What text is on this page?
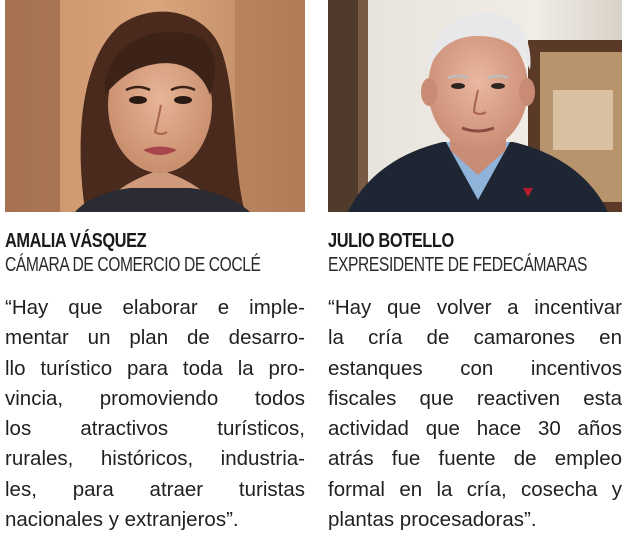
AMALIA VÁSQUEZ
CÁMARA DE COMERCIO DE COCLÉ
“Hay que elaborar e imple-
mentar un plan de desarro-
llo turístico para toda la pro-
vincia, promoviendo todos
los atractivos turísticos,
rurales, históricos, industria-
les, para atraer turistas
nacionales y extranjeros”.
JULIO BOTELLO
EXPRESIDENTE DE FEDECÁMARAS
“Hay que volver a incentivar
la cría de camarones en
estanques con incentivos
fiscales que reactiven esta
actividad que hace 30 años
atrás fue fuente de empleo
formal en la cría, cosecha y
plantas procesadoras”.
